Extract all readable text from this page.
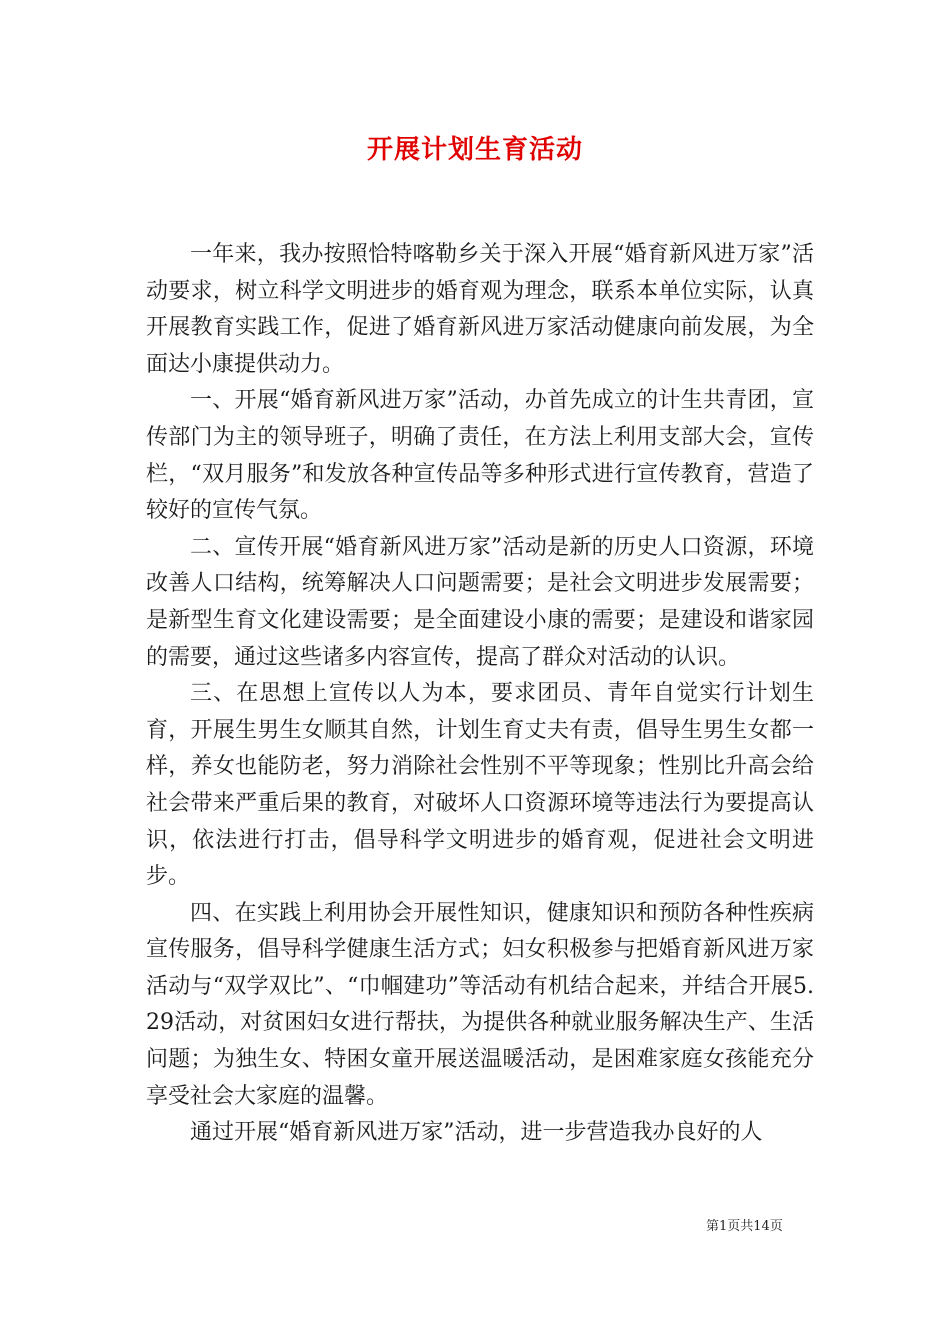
开展计划生育活动

一年来，我办按照恰特喀勒乡关于深入开展“婚育新风进万家”活动要求，树立科学文明进步的婚育观为理念，联系本单位实际，认真开展教育实践工作，促进了婚育新风进万家活动健康向前发展，为全面达小康提供动力。

一、开展“婚育新风进万家”活动，办首先成立的计生共青团，宣传部门为主的领导班子，明确了责任，在方法上利用支部大会，宣传栏，“双月服务”和发放各种宣传品等多种形式进行宣传教育，营造了较好的宣传气氛。

二、宣传开展“婚育新风进万家”活动是新的历史人口资源，环境改善人口结构，统筹解决人口问题需要；是社会文明进步发展需要；是新型生育文化建设需要；是全面建设小康的需要；是建设和谐家园的需要，通过这些诸多内容宣传，提高了群众对活动的认识。

三、在思想上宣传以人为本，要求团员、青年自觉实行计划生育，开展生男生女顺其自然，计划生育丈夫有责，倡导生男生女都一样，养女也能防老，努力消除社会性别不平等现象；性别比升高会给社会带来严重后果的教育，对破坏人口资源环境等违法行为要提高认识，依法进行打击，倡导科学文明进步的婚育观，促进社会文明进步。

四、在实践上利用协会开展性知识，健康知识和预防各种性疾病宣传服务，倡导科学健康生活方式；妇女积极参与把婚育新风进万家活动与“双学双比”、“巾帼建功”等活动有机结合起来，并结合开展5.29活动，对贫困妇女进行帮扶，为提供各种就业服务解决生产、生活问题；为独生女、特困女童开展送温暖活动，是困难家庭女孩能充分享受社会大家庭的温馨。

通过开展“婚育新风进万家”活动，进一步营造我办良好的人

第1页共14页
